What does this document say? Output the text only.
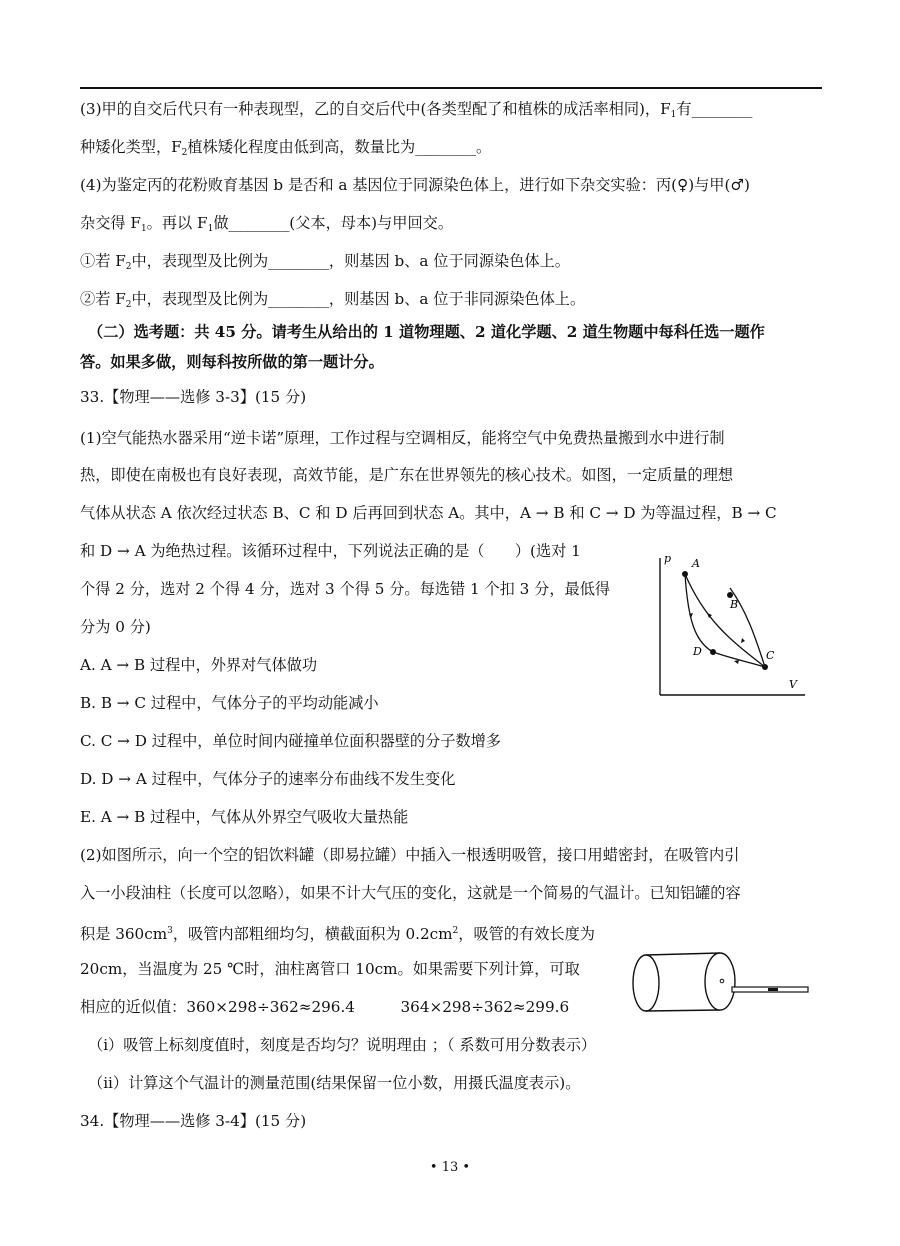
(3)甲的自交后代只有一种表现型，乙的自交后代中(各类型配了和植株的成活率相同)，$F_1$有________
种矮化类型，$F_2$植株矮化程度由低到高，数量比为________。
(4)为鉴定丙的花粉败育基因 b 是否和 a 基因位于同源染色体上，进行如下杂交实验：丙(♀)与甲(♂)
杂交得 $F_1$。再以 $F_1$做________(父本，母本)与甲回交。
①若 $F_2$中，表现型及比例为________，则基因 b、a 位于同源染色体上。
②若 $F_2$中，表现型及比例为________，则基因 b、a 位于非同源染色体上。
（二）选考题：共 45 分。请考生从给出的 1 道物理题、2 道化学题、2 道生物题中每科任选一题作
答。如果多做，则每科按所做的第一题计分。
33.【物理——选修 3-3】(15 分)
(1)空气能热水器采用“逆卡诺”原理，工作过程与空调相反，能将空气中免费热量搬到水中进行制
热，即使在南极也有良好表现，高效节能，是广东在世界领先的核心技术。如图，一定质量的理想
气体从状态 A 依次经过状态 B、C 和 D 后再回到状态 A。其中，A → B 和 C → D 为等温过程，B → C
和 D → A 为绝热过程。该循环过程中，下列说法正确的是（　　）(选对 1
个得 2 分，选对 2 个得 4 分，选对 3 个得 5 分。每选错 1 个扣 3 分，最低得
分为 0 分)
A. A → B 过程中，外界对气体做功
B. B → C 过程中，气体分子的平均动能减小
C. C → D 过程中，单位时间内碰撞单位面积器壁的分子数增多
D. D → A 过程中，气体分子的速率分布曲线不发生变化
E. A → B 过程中，气体从外界空气吸收大量热能
(2)如图所示，向一个空的铝饮料罐（即易拉罐）中插入一根透明吸管，接口用蜡密封，在吸管内引
入一小段油柱（长度可以忽略），如果不计大气压的变化，这就是一个简易的气温计。已知铝罐的容
积是 $360cm^3$，吸管内部粗细均匀，横截面积为 $0.2cm^2$，吸管的有效长度为
20cm，当温度为 25 ℃时，油柱离管口 10cm。如果需要下列计算，可取
相应的近似值：360×298÷362≈296.4　　　364×298÷362≈299.6
（i）吸管上标刻度值时，刻度是否均匀？说明理由 ；（ 系数可用分数表示）
（ii）计算这个气温计的测量范围(结果保留一位小数，用摄氏温度表示)。
34.【物理——选修 3-4】(15 分)
p
V
A
B
C
D
• 13 •
